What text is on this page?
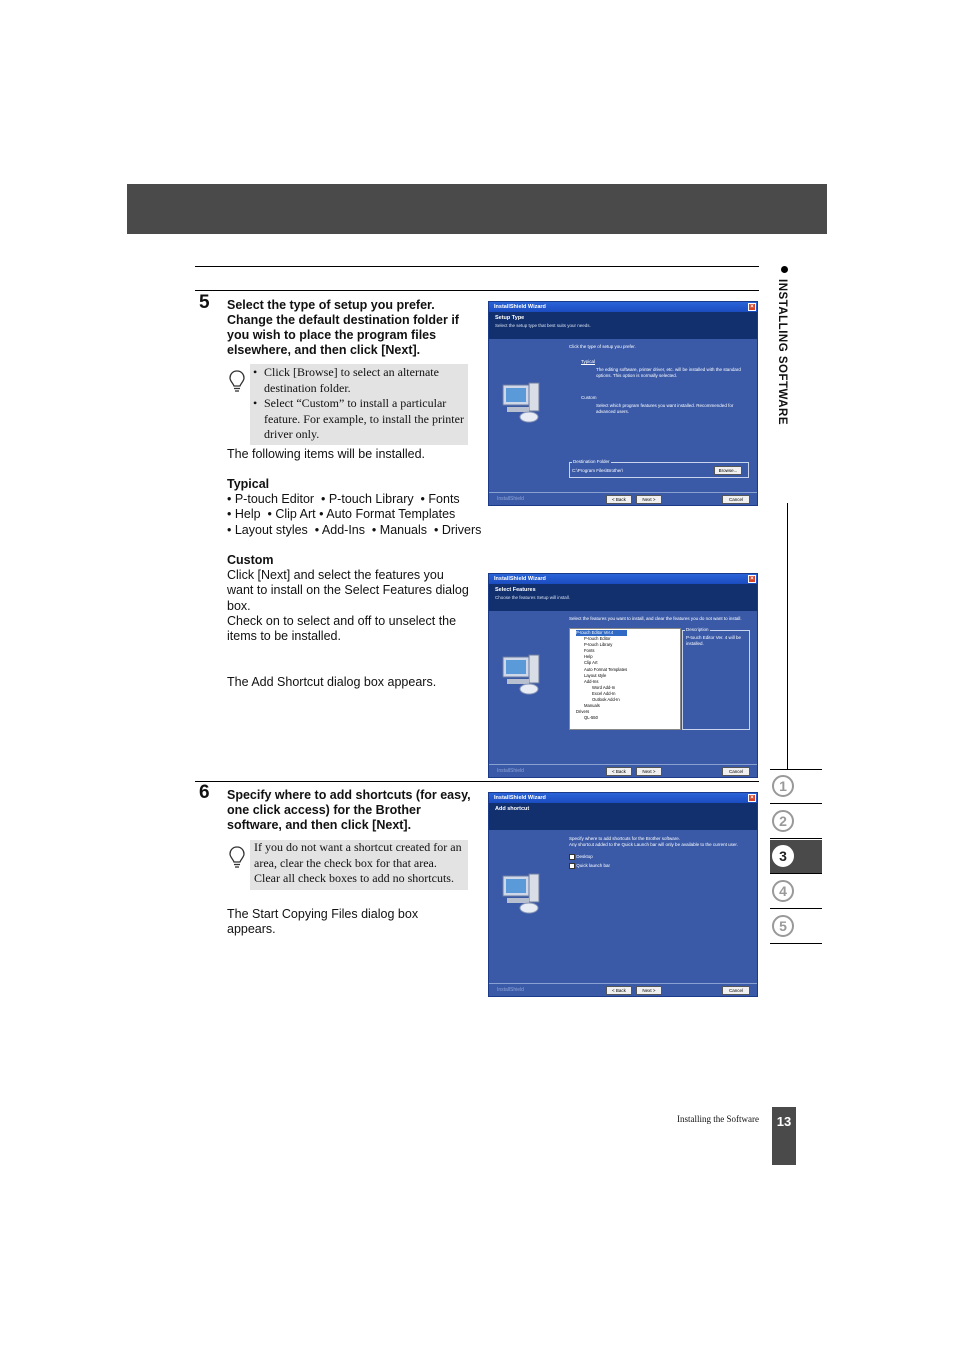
5 Select the type of setup you prefer. Change the default destination folder if you wish to place the program files elsewhere, and then click [Next].
• Click [Browse] to select an alternate destination folder.
• Select “Custom” to install a particular feature. For example, to install the printer driver only.
The following items will be installed.
Typical
• P-touch Editor  • P-touch Library  • Fonts
• Help  • Clip Art • Auto Format Templates
• Layout styles  • Add-Ins  • Manuals  • Drivers
Custom
Click [Next] and select the features you want to install on the Select Features dialog box.
Check on to select and off to unselect the items to be installed.
The Add Shortcut dialog box appears.
InstallShield Wizard	×
Setup Type
Select the setup type that best suits your needs.
Click the type of setup you prefer.
Typical
The editing software, printer driver, etc. will be installed with the standard options. This option is normally selected.
Custom
Select which program features you want installed. Recommended for advanced users.
Destination Folder
C:\Program Files\Brother\	Browse...
InstallShield	< Back	Next >	Cancel
InstallShield Wizard	×
Select Features
Choose the features Setup will install.
Select the features you want to install, and clear the features you do not want to install.
P-touch Editor Ver.4
P-touch Editor
P-touch Library
Fonts
Help
Clip Art
Auto Format Templates
Layout style
Add-Ins
Word Add-In
Excel Add-In
Outlook Add-In
Manuals
Drivers
QL-550
Description
P-touch Editor Ver. 4 will be installed.
InstallShield	< Back	Next >	Cancel
6 Specify where to add shortcuts (for easy, one click access) for the Brother software, and then click [Next].
If you do not want a shortcut created for an area, clear the check box for that area. Clear all check boxes to add no shortcuts.
The Start Copying Files dialog box appears.
InstallShield Wizard	×
Add shortcut
Specify where to add shortcuts for the Brother software.
Any shortcut added to the Quick Launch bar will only be available to the current user.
Desktop
Quick launch bar
InstallShield	< Back	Next >	Cancel
INSTALLING SOFTWARE
1
2
3
4
5
Installing the Software	13
